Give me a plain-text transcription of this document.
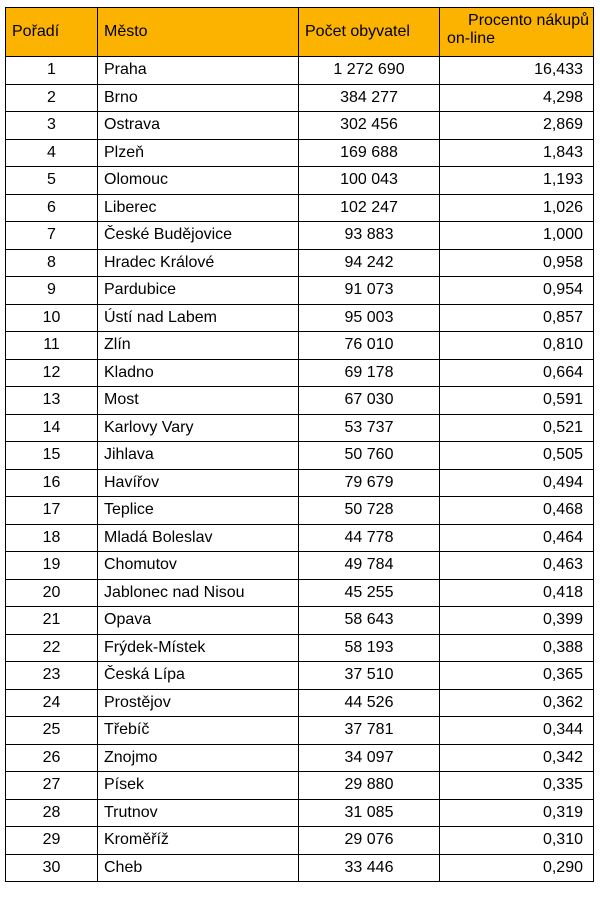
Pořadí	Město	Počet obyvatel	Procento nákupů
on-line

1	Praha	1 272 690	16,433
2	Brno	384 277	4,298
3	Ostrava	302 456	2,869
4	Plzeň	169 688	1,843
5	Olomouc	100 043	1,193
6	Liberec	102 247	1,026
7	České Budějovice	93 883	1,000
8	Hradec Králové	94 242	0,958
9	Pardubice	91 073	0,954
10	Ústí nad Labem	95 003	0,857
11	Zlín	76 010	0,810
12	Kladno	69 178	0,664
13	Most	67 030	0,591
14	Karlovy Vary	53 737	0,521
15	Jihlava	50 760	0,505
16	Havířov	79 679	0,494
17	Teplice	50 728	0,468
18	Mladá Boleslav	44 778	0,464
19	Chomutov	49 784	0,463
20	Jablonec nad Nisou	45 255	0,418
21	Opava	58 643	0,399
22	Frýdek-Místek	58 193	0,388
23	Česká Lípa	37 510	0,365
24	Prostějov	44 526	0,362
25	Třebíč	37 781	0,344
26	Znojmo	34 097	0,342
27	Písek	29 880	0,335
28	Trutnov	31 085	0,319
29	Kroměříž	29 076	0,310
30	Cheb	33 446	0,290
